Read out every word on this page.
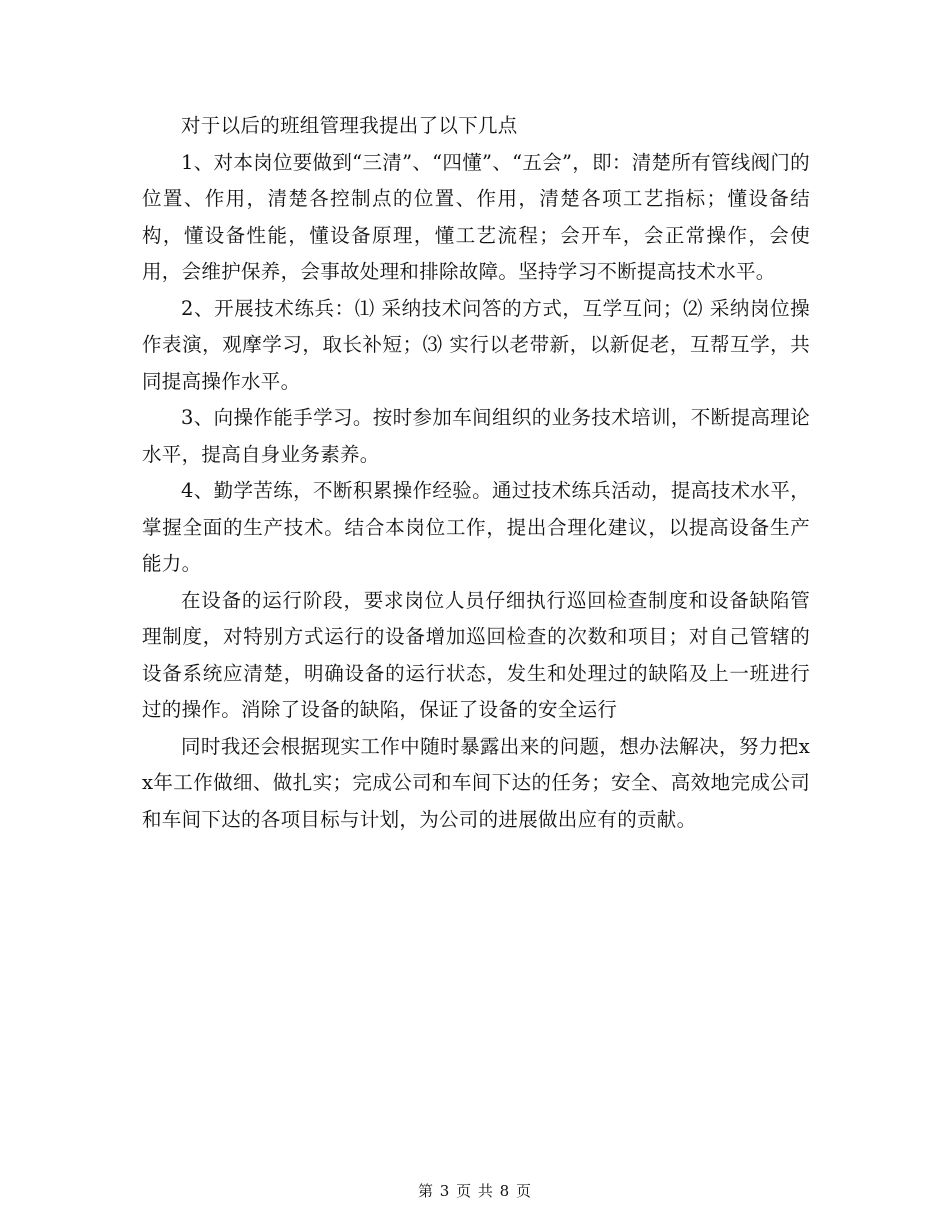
对于以后的班组管理我提出了以下几点

1、对本岗位要做到“三清”、“四懂”、“五会”，即：清楚所有管线阀门的位置、作用，清楚各控制点的位置、作用，清楚各项工艺指标；懂设备结构，懂设备性能，懂设备原理，懂工艺流程；会开车，会正常操作，会使用，会维护保养，会事故处理和排除故障。坚持学习不断提高技术水平。

2、开展技术练兵：⑴ 采纳技术问答的方式，互学互问；⑵ 采纳岗位操作表演，观摩学习，取长补短；⑶ 实行以老带新，以新促老，互帮互学，共同提高操作水平。

3、向操作能手学习。按时参加车间组织的业务技术培训，不断提高理论水平，提高自身业务素养。

4、勤学苦练，不断积累操作经验。通过技术练兵活动，提高技术水平，掌握全面的生产技术。结合本岗位工作，提出合理化建议，以提高设备生产能力。

在设备的运行阶段，要求岗位人员仔细执行巡回检查制度和设备缺陷管理制度，对特别方式运行的设备增加巡回检查的次数和项目；对自己管辖的设备系统应清楚，明确设备的运行状态，发生和处理过的缺陷及上一班进行过的操作。消除了设备的缺陷，保证了设备的安全运行

同时我还会根据现实工作中随时暴露出来的问题，想办法解决，努力把xx年工作做细、做扎实；完成公司和车间下达的任务；安全、高效地完成公司和车间下达的各项目标与计划，为公司的进展做出应有的贡献。

第 3 页 共 8 页
